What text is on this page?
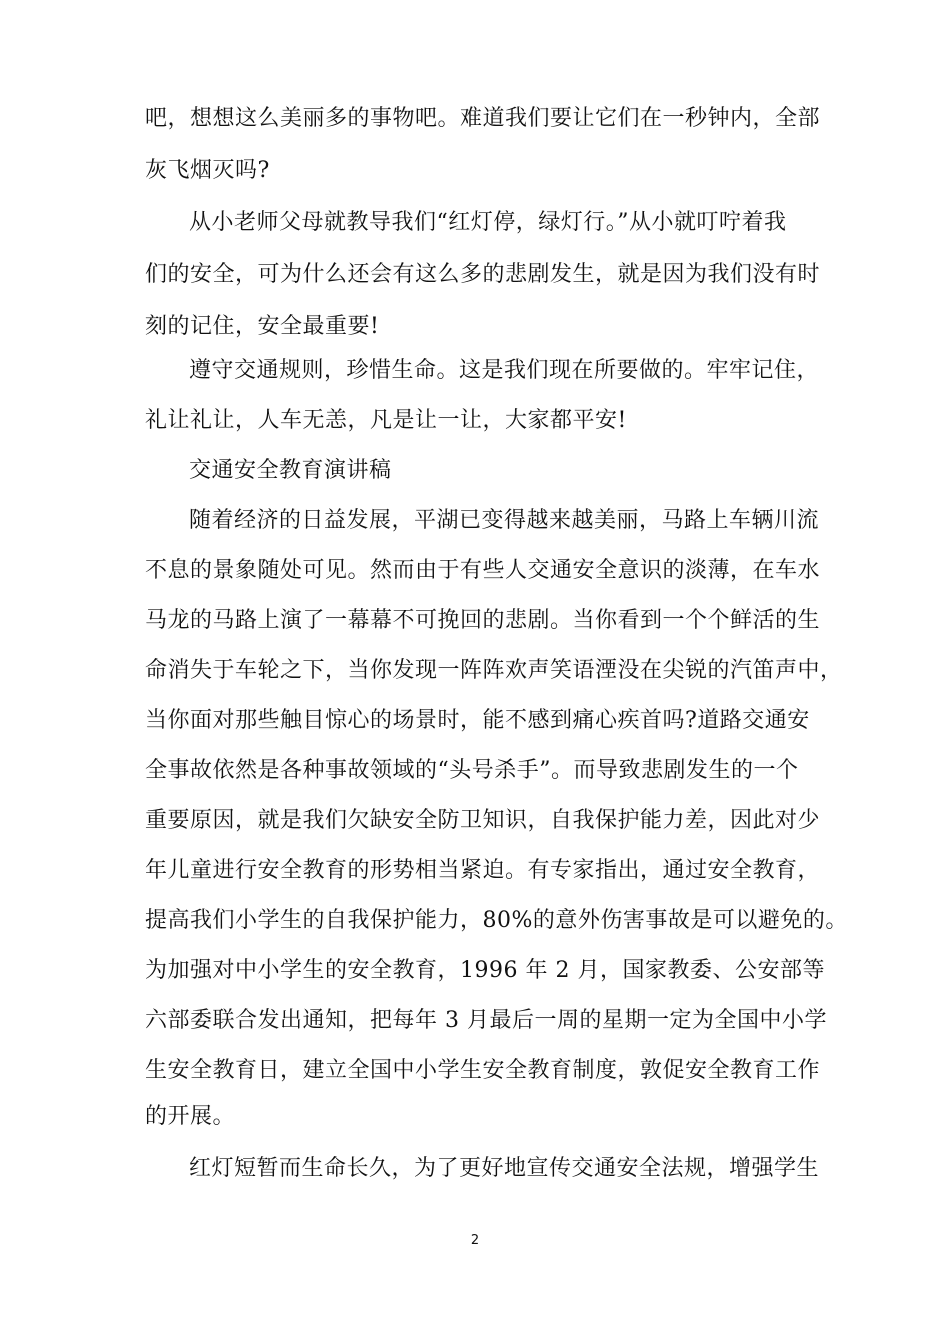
吧，想想这么美丽多的事物吧。难道我们要让它们在一秒钟内，全部
灰飞烟灭吗?
从小老师父母就教导我们“红灯停，绿灯行。”从小就叮咛着我
们的安全，可为什么还会有这么多的悲剧发生，就是因为我们没有时
刻的记住，安全最重要!
遵守交通规则，珍惜生命。这是我们现在所要做的。牢牢记住，
礼让礼让，人车无恙，凡是让一让，大家都平安!
交通安全教育演讲稿
随着经济的日益发展，平湖已变得越来越美丽，马路上车辆川流
不息的景象随处可见。然而由于有些人交通安全意识的淡薄，在车水
马龙的马路上演了一幕幕不可挽回的悲剧。当你看到一个个鲜活的生
命消失于车轮之下，当你发现一阵阵欢声笑语湮没在尖锐的汽笛声中，
当你面对那些触目惊心的场景时，能不感到痛心疾首吗?道路交通安
全事故依然是各种事故领域的“头号杀手”。而导致悲剧发生的一个
重要原因，就是我们欠缺安全防卫知识，自我保护能力差，因此对少
年儿童进行安全教育的形势相当紧迫。有专家指出，通过安全教育，
提高我们小学生的自我保护能力，80%的意外伤害事故是可以避免的。
为加强对中小学生的安全教育，1996 年 2 月，国家教委、公安部等
六部委联合发出通知，把每年 3 月最后一周的星期一定为全国中小学
生安全教育日，建立全国中小学生安全教育制度，敦促安全教育工作
的开展。
红灯短暂而生命长久，为了更好地宣传交通安全法规，增强学生
2
